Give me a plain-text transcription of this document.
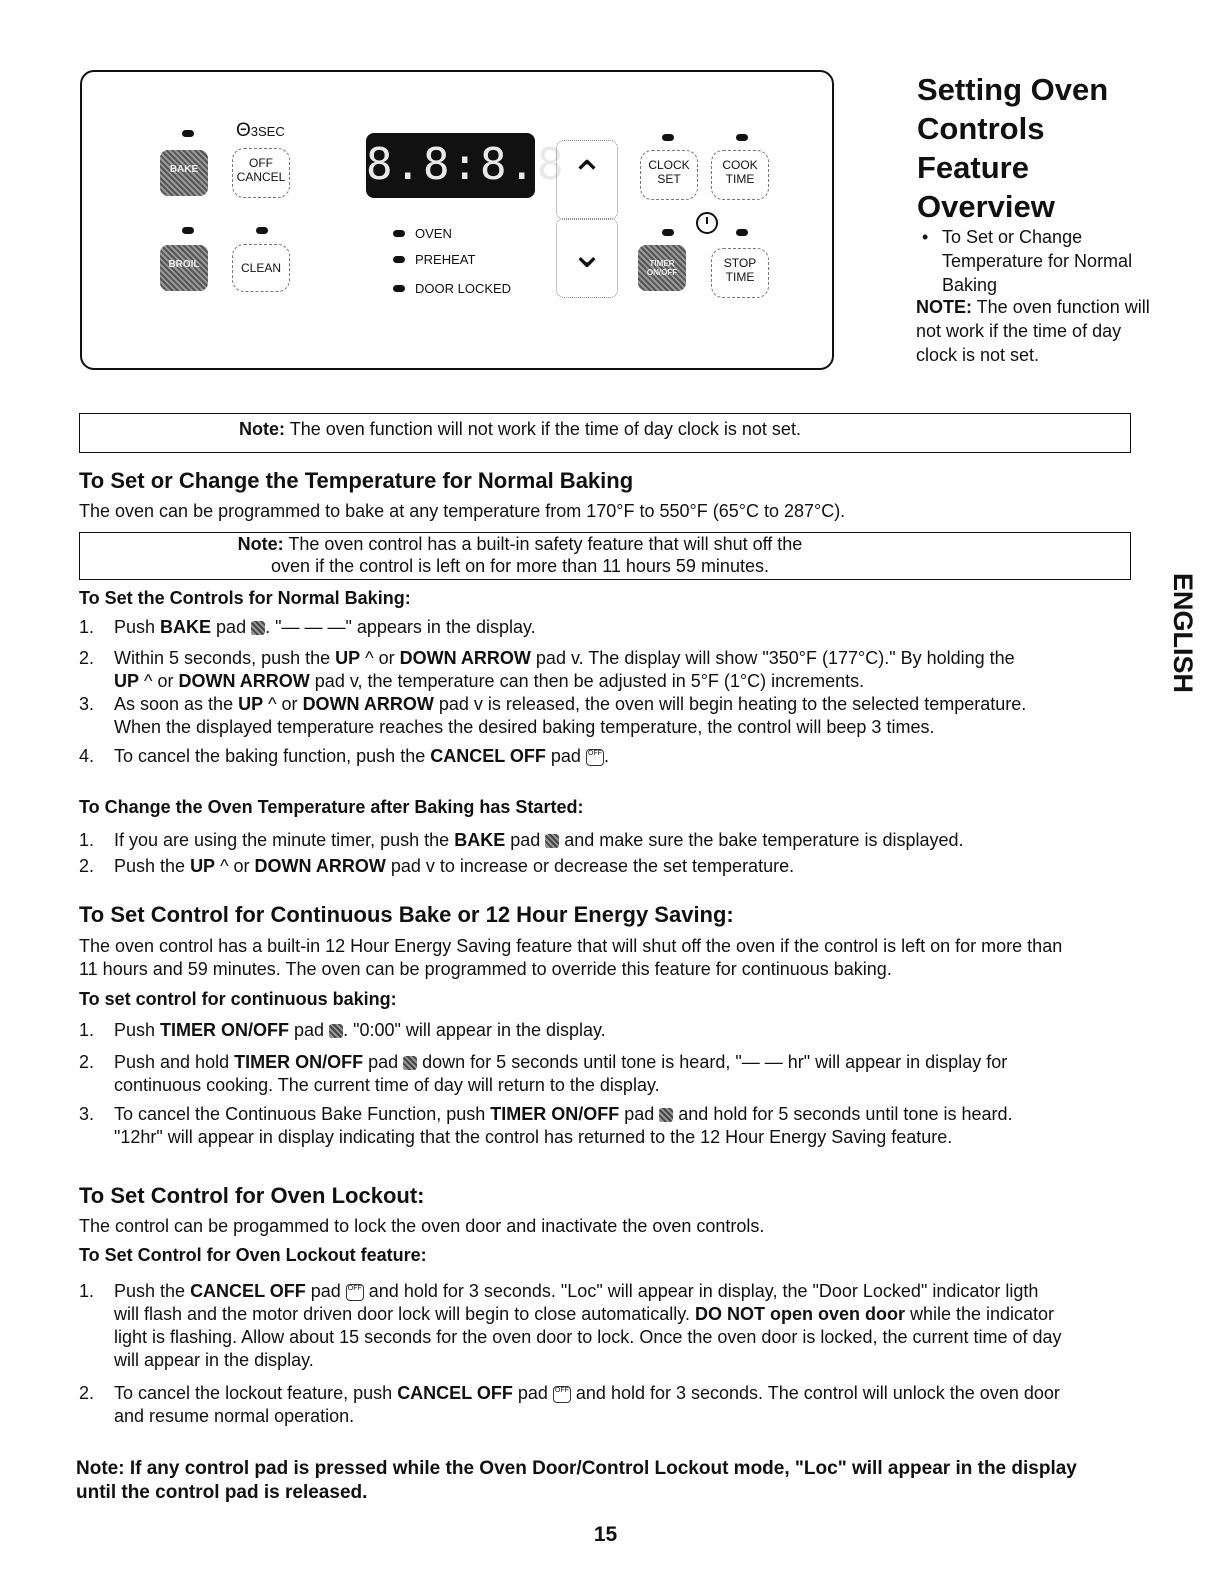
Θ3SEC
BAKE	OFF
CANCEL
BROIL	CLEAN
8.8:8.8
OVEN
PREHEAT
DOOR LOCKED
⌃
⌄
CLOCK
SET
COOK
TIME
TIMER ON/OFF
STOP
TIME
Setting Oven
Controls
Feature
Overview
• To Set or Change Temperature for Normal Baking
NOTE: The oven function will not work if the time of day clock is not set.
Note: The oven function will not work if the time of day clock is not set.
To Set or Change the Temperature for Normal Baking
The oven can be programmed to bake at any temperature from 170°F to 550°F (65°C to 287°C).
Note: The oven control has a built-in safety feature that will shut off the
oven if the control is left on for more than 11 hours 59 minutes.
To Set the Controls for Normal Baking:
1. Push BAKE pad . "— — —" appears in the display.
2. Within 5 seconds, push the UP ^ or DOWN ARROW pad v. The display will show "350°F (177°C)." By holding the
UP ^ or DOWN ARROW pad v, the temperature can then be adjusted in 5°F (1°C) increments.
3. As soon as the UP ^ or DOWN ARROW pad v is released, the oven will begin heating to the selected temperature.
When the displayed temperature reaches the desired baking temperature, the control will beep 3 times.
4. To cancel the baking function, push the CANCEL OFF pad OFF .
To Change the Oven Temperature after Baking has Started:
1. If you are using the minute timer, push the BAKE pad  and make sure the bake temperature is displayed.
2. Push the UP ^ or DOWN ARROW pad v to increase or decrease the set temperature.
To Set Control for Continuous Bake or 12 Hour Energy Saving:
The oven control has a built-in 12 Hour Energy Saving feature that will shut off the oven if the control is left on for more than
11 hours and 59 minutes. The oven can be programmed to override this feature for continuous baking.
To set control for continuous baking:
1. Push TIMER ON/OFF pad . "0:00" will appear in the display.
2. Push and hold TIMER ON/OFF pad  down for 5 seconds until tone is heard, "— — hr" will appear in display for
continuous cooking. The current time of day will return to the display.
3. To cancel the Continuous Bake Function, push TIMER ON/OFF pad  and hold for 5 seconds until tone is heard.
"12hr" will appear in display indicating that the control has returned to the 12 Hour Energy Saving feature.
To Set Control for Oven Lockout:
The control can be progammed to lock the oven door and inactivate the oven controls.
To Set Control for Oven Lockout feature:
1. Push the CANCEL OFF pad OFF and hold for 3 seconds. "Loc" will appear in display, the "Door Locked" indicator ligth
will flash and the motor driven door lock will begin to close automatically. DO NOT open oven door while the indicator
light is flashing. Allow about 15 seconds for the oven door to lock. Once the oven door is locked, the current time of day
will appear in the display.
2. To cancel the lockout feature, push CANCEL OFF pad OFF and hold for 3 seconds. The control will unlock the oven door
and resume normal operation.
Note: If any control pad is pressed while the Oven Door/Control Lockout mode, "Loc" will appear in the display
until the control pad is released.
ENGLISH
15
